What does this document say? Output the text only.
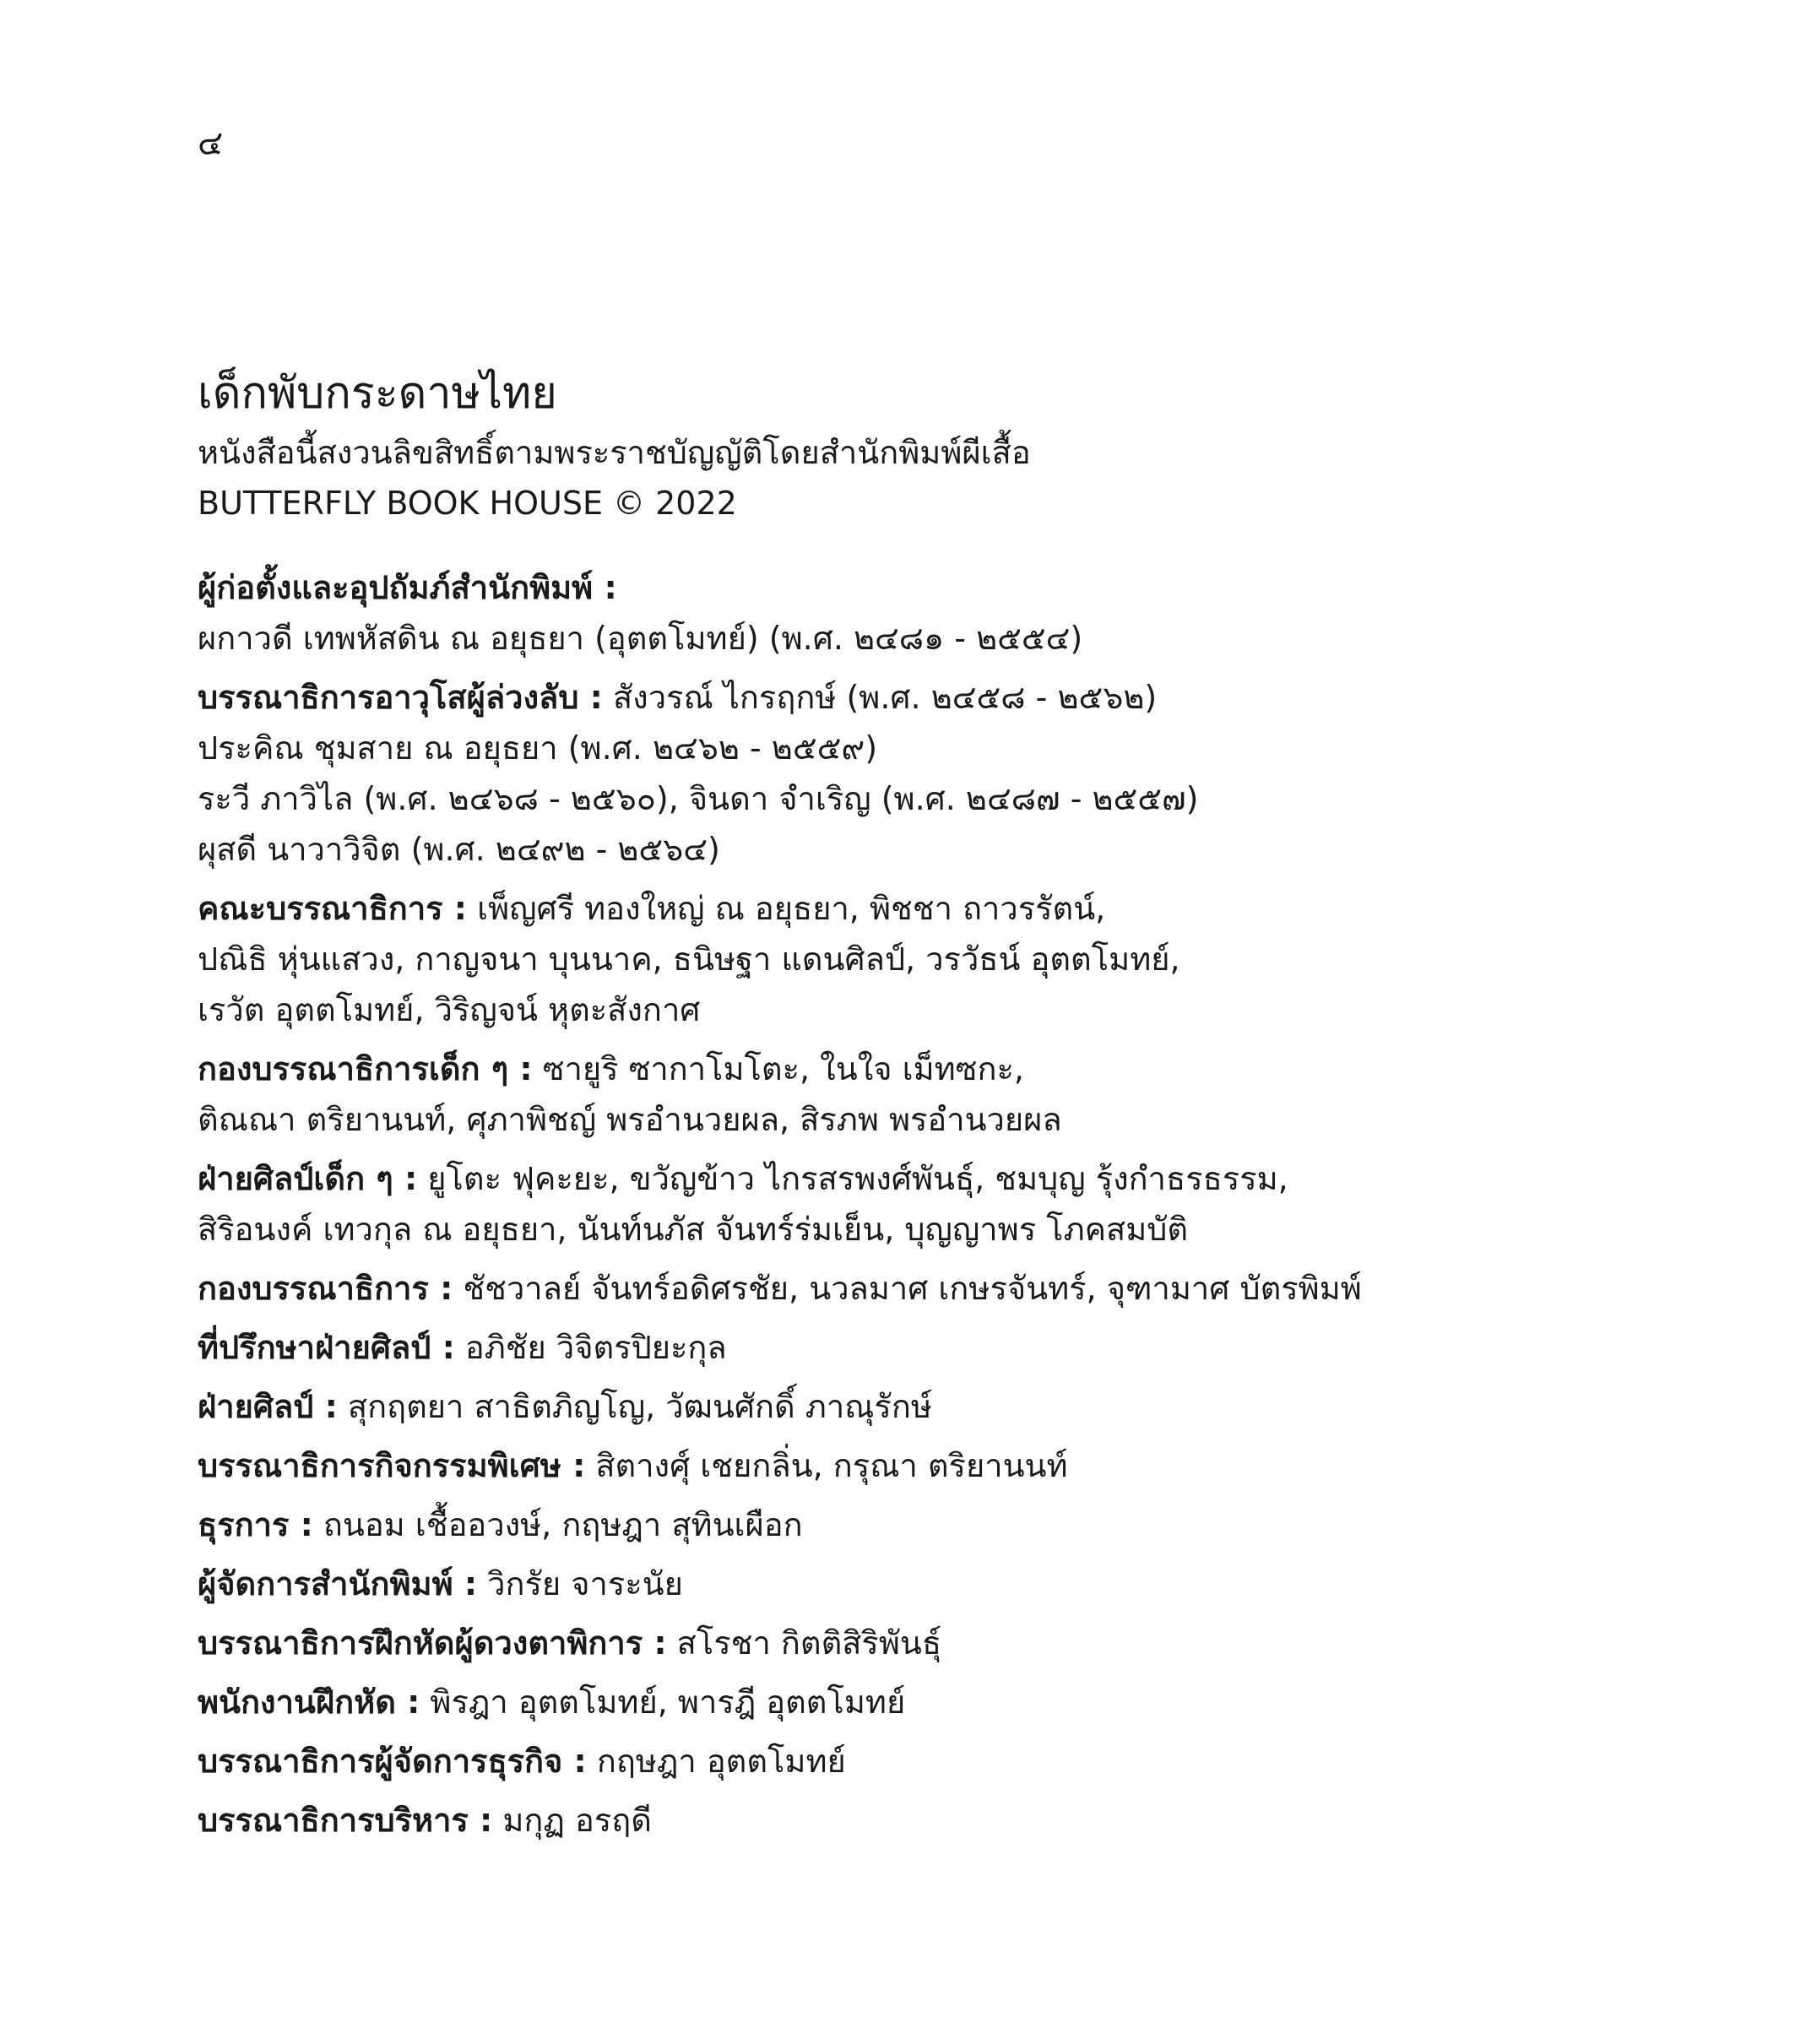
๔
เด็กพับกระดาษไทย
หนังสือนี้สงวนลิขสิทธิ์ตามพระราชบัญญัติโดยสำนักพิมพ์ผีเสื้อ
BUTTERFLY BOOK HOUSE © 2022
ผู้ก่อตั้งและอุปถัมภ์สำนักพิมพ์ :
ผกาวดี เทพหัสดิน ณ อยุธยา (อุตตโมทย์) (พ.ศ. ๒๔๘๑ - ๒๕๕๔)
บรรณาธิการอาวุโสผู้ล่วงลับ : สังวรณ์ ไกรฤกษ์ (พ.ศ. ๒๔๕๘ - ๒๕๖๒)
ประคิณ ชุมสาย ณ อยุธยา (พ.ศ. ๒๔๖๒ - ๒๕๕๙)
ระวี ภาวิไล (พ.ศ. ๒๔๖๘ - ๒๕๖๐), จินดา จำเริญ (พ.ศ. ๒๔๘๗ - ๒๕๕๗)
ผุสดี นาวาวิจิต (พ.ศ. ๒๔๙๒ - ๒๕๖๔)
คณะบรรณาธิการ : เพ็ญศรี ทองใหญ่ ณ อยุธยา, พิชชา ถาวรรัตน์,
ปณิธิ หุ่นแสวง, กาญจนา บุนนาค, ธนิษฐา แดนศิลป์, วรวัธน์ อุตตโมทย์,
เรวัต อุตตโมทย์, วิริญจน์ หุตะสังกาศ
กองบรรณาธิการเด็ก ๆ : ซายูริ ซากาโมโตะ, ในใจ เม็ทซกะ,
ติณณา ตริยานนท์, ศุภาพิชญ์ พรอำนวยผล, สิรภพ พรอำนวยผล
ฝ่ายศิลป์เด็ก ๆ : ยูโตะ ฟุคะยะ, ขวัญข้าว ไกรสรพงศ์พันธุ์, ชมบุญ รุ้งกำธรธรรม,
สิริอนงค์ เทวกุล ณ อยุธยา, นันท์นภัส จันทร์ร่มเย็น, บุญญาพร โภคสมบัติ
กองบรรณาธิการ : ชัชวาลย์ จันทร์อดิศรชัย, นวลมาศ เกษรจันทร์, จุฑามาศ บัตรพิมพ์
ที่ปรึกษาฝ่ายศิลป์ : อภิชัย วิจิตรปิยะกุล
ฝ่ายศิลป์ : สุกฤตยา สาธิตภิญโญ, วัฒนศักดิ์ ภาณุรักษ์
บรรณาธิการกิจกรรมพิเศษ : สิตางศุ์ เชยกลิ่น, กรุณา ตริยานนท์
ธุรการ : ถนอม เชื้ออวงษ์, กฤษฎา สุทินเผือก
ผู้จัดการสำนักพิมพ์ : วิกรัย จาระนัย
บรรณาธิการฝึกหัดผู้ดวงตาพิการ : สโรชา กิตติสิริพันธุ์
พนักงานฝึกหัด : พิรฎา อุตตโมทย์, พารฎี อุตตโมทย์
บรรณาธิการผู้จัดการธุรกิจ : กฤษฎา อุตตโมทย์
บรรณาธิการบริหาร : มกุฏ อรฤดี
